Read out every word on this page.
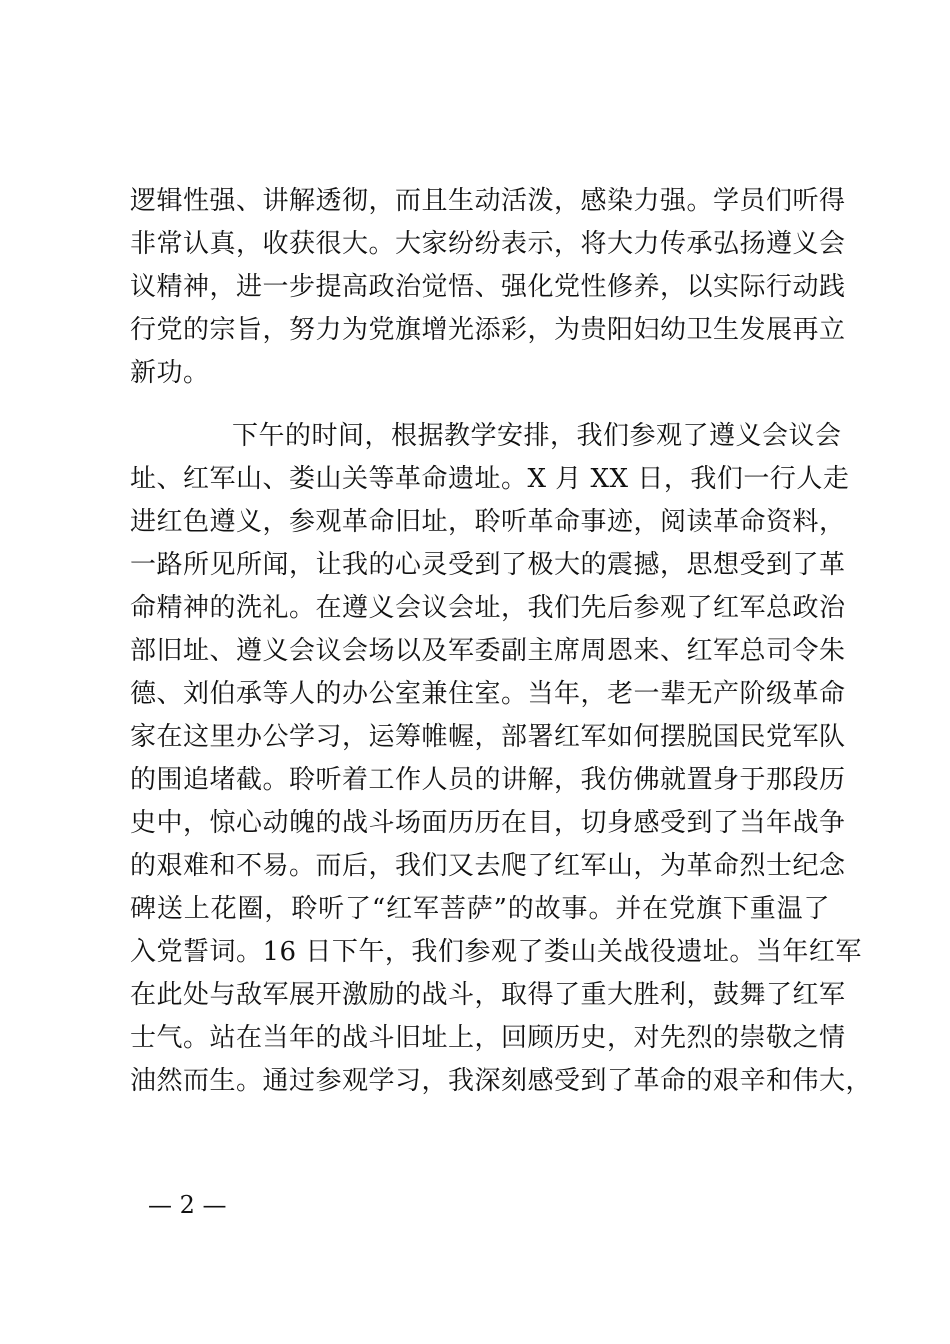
逻辑性强、讲解透彻，而且生动活泼，感染力强。学员们听得
非常认真，收获很大。大家纷纷表示，将大力传承弘扬遵义会
议精神，进一步提高政治觉悟、强化党性修养，以实际行动践
行党的宗旨，努力为党旗增光添彩，为贵阳妇幼卫生发展再立
新功。
下午的时间，根据教学安排，我们参观了遵义会议会
址、红军山、娄山关等革命遗址。X 月 XX 日，我们一行人走
进红色遵义，参观革命旧址，聆听革命事迹，阅读革命资料，
一路所见所闻，让我的心灵受到了极大的震撼，思想受到了革
命精神的洗礼。在遵义会议会址，我们先后参观了红军总政治
部旧址、遵义会议会场以及军委副主席周恩来、红军总司令朱
德、刘伯承等人的办公室兼住室。当年，老一辈无产阶级革命
家在这里办公学习，运筹帷幄，部署红军如何摆脱国民党军队
的围追堵截。聆听着工作人员的讲解，我仿佛就置身于那段历
史中，惊心动魄的战斗场面历历在目，切身感受到了当年战争
的艰难和不易。而后，我们又去爬了红军山，为革命烈士纪念
碑送上花圈，聆听了“红军菩萨”的故事。并在党旗下重温了
入党誓词。16 日下午，我们参观了娄山关战役遗址。当年红军
在此处与敌军展开激励的战斗，取得了重大胜利，鼓舞了红军
士气。站在当年的战斗旧址上，回顾历史，对先烈的崇敬之情
油然而生。通过参观学习，我深刻感受到了革命的艰辛和伟大，
— 2 —
